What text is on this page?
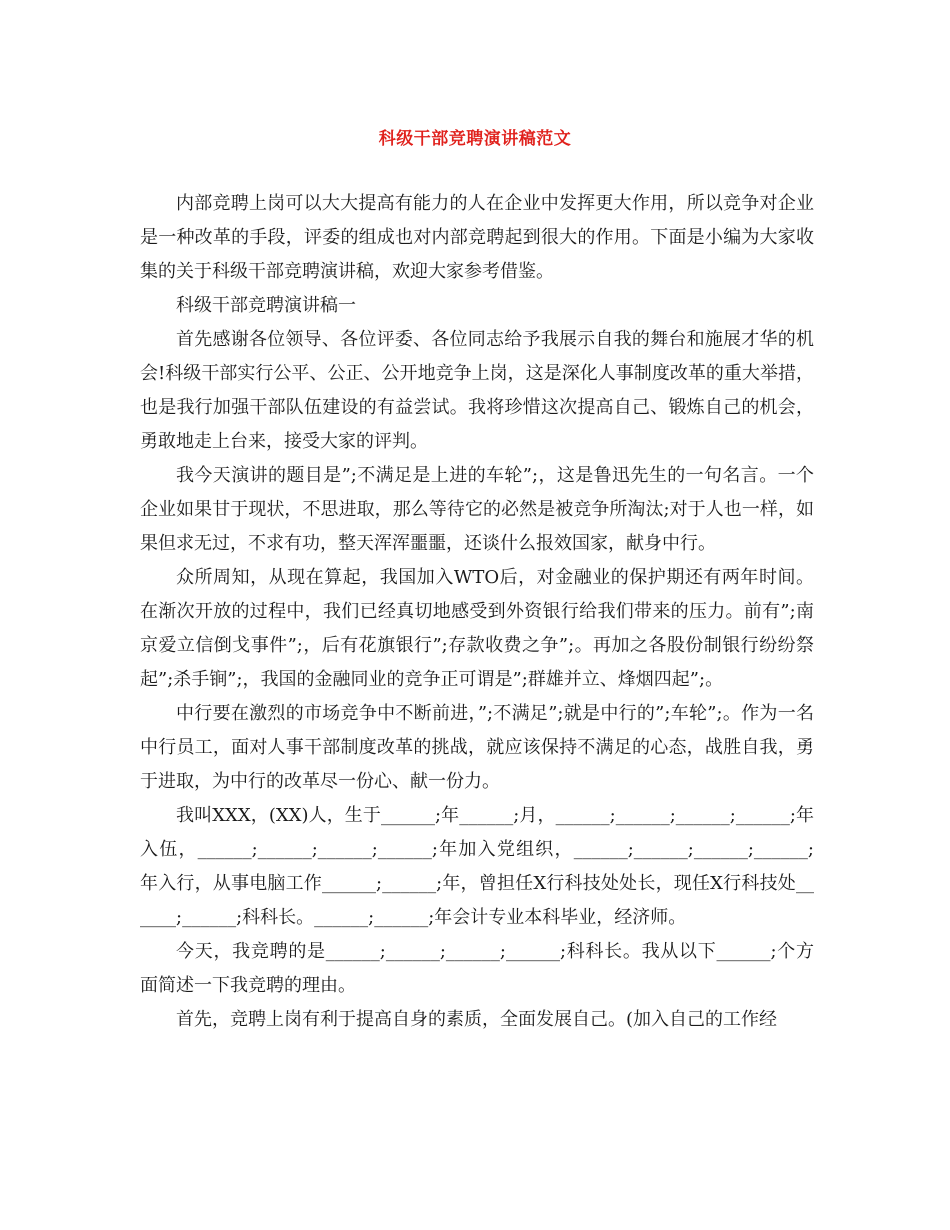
科级干部竞聘演讲稿范文

内部竞聘上岗可以大大提高有能力的人在企业中发挥更大作用，所以竞争对企业是一种改革的手段，评委的组成也对内部竞聘起到很大的作用。下面是小编为大家收集的关于科级干部竞聘演讲稿，欢迎大家参考借鉴。

科级干部竞聘演讲稿一

首先感谢各位领导、各位评委、各位同志给予我展示自我的舞台和施展才华的机会!科级干部实行公平、公正、公开地竞争上岗，这是深化人事制度改革的重大举措，也是我行加强干部队伍建设的有益尝试。我将珍惜这次提高自己、锻炼自己的机会，勇敢地走上台来，接受大家的评判。

我今天演讲的题目是”;不满足是上进的车轮”;，这是鲁迅先生的一句名言。一个企业如果甘于现状，不思进取，那么等待它的必然是被竞争所淘汰;对于人也一样，如果但求无过，不求有功，整天浑浑噩噩，还谈什么报效国家，献身中行。

众所周知，从现在算起，我国加入WTO后，对金融业的保护期还有两年时间。在渐次开放的过程中，我们已经真切地感受到外资银行给我们带来的压力。前有”;南京爱立信倒戈事件”;，后有花旗银行”;存款收费之争”;。再加之各股份制银行纷纷祭起”;杀手锏”;，我国的金融同业的竞争正可谓是”;群雄并立、烽烟四起”;。

中行要在激烈的市场竞争中不断前进，”;不满足”;就是中行的”;车轮”;。作为一名中行员工，面对人事干部制度改革的挑战，就应该保持不满足的心态，战胜自我，勇于进取，为中行的改革尽一份心、献一份力。

我叫XXX，(XX)人，生于______;年______;月，______;______;______;______;年入伍，______;______;______;______;年加入党组织，______;______;______;______;年入行，从事电脑工作______;______;年，曾担任X行科技处处长，现任X行科技处______;______;科科长。______;______;年会计专业本科毕业，经济师。

今天，我竞聘的是______;______;______;______;科科长。我从以下______;个方面简述一下我竞聘的理由。

首先，竞聘上岗有利于提高自身的素质，全面发展自己。(加入自己的工作经
